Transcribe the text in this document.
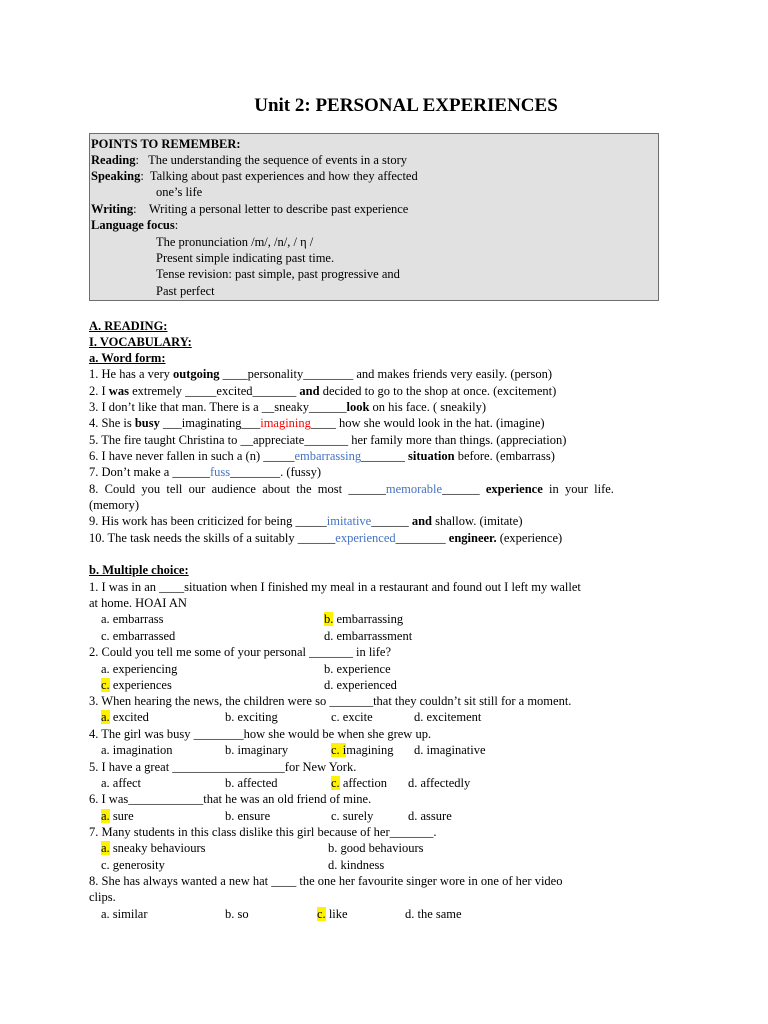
Unit 2: PERSONAL EXPERIENCES
POINTS TO REMEMBER:
Reading:   The understanding the sequence of events in a story
Speaking:  Talking about past experiences and how they affected
one’s life
Writing:    Writing a personal letter to describe past experience
Language focus:
The pronunciation /m/, /n/, / η /
Present simple indicating past time.
Tense revision: past simple, past progressive and
Past perfect
A. READING:
I. VOCABULARY:
a. Word form:
1. He has a very outgoing ____personality________ and makes friends very easily. (person)
2. I was extremely _____excited_______ and decided to go to the shop at once. (excitement)
3. I don’t like that man. There is a __sneaky______look on his face. ( sneakily)
4. She is busy ___imaginating___imagining____ how she would look in the hat. (imagine)
5. The fire taught Christina to __appreciate_______ her family more than things. (appreciation)
6. I have never fallen in such a (n) _____embarrassing_______ situation before. (embarrass)
7. Don’t make a ______fuss________. (fussy)
8.  Could  you  tell  our  audience  about  the  most  ______memorable______  experience  in  your  life.
(memory)
9. His work has been criticized for being _____imitative______ and shallow. (imitate)
10. The task needs the skills of a suitably ______experienced________ engineer. (experience)
b. Multiple choice:
1. I was in an ____situation when I finished my meal in a restaurant and found out I left my wallet
at home. HOAI AN
a. embarrass	b. embarrassing
c. embarrassed	d. embarrassment
2. Could you tell me some of your personal _______ in life?
a. experiencing	b. experience
c. experiences	d. experienced
3. When hearing the news, the children were so _______that they couldn’t sit still for a moment.
a. excited	b. exciting	c. excite	d. excitement
4. The girl was busy ________how she would be when she grew up.
a. imagination	b. imaginary	c. imagining d. imaginative
5. I have a great __________________for New York.
a. affect	b. affected	c. affection d. affectedly
6. I was____________that he was an old friend of mine.
a. sure	b. ensure	c. surely	d. assure
7. Many students in this class dislike this girl because of her_______.
a. sneaky behaviours	b. good behaviours
c. generosity	d. kindness
8. She has always wanted a new hat ____ the one her favourite singer wore in one of her video
clips.
a. similar	b. so	c. like	d. the same
